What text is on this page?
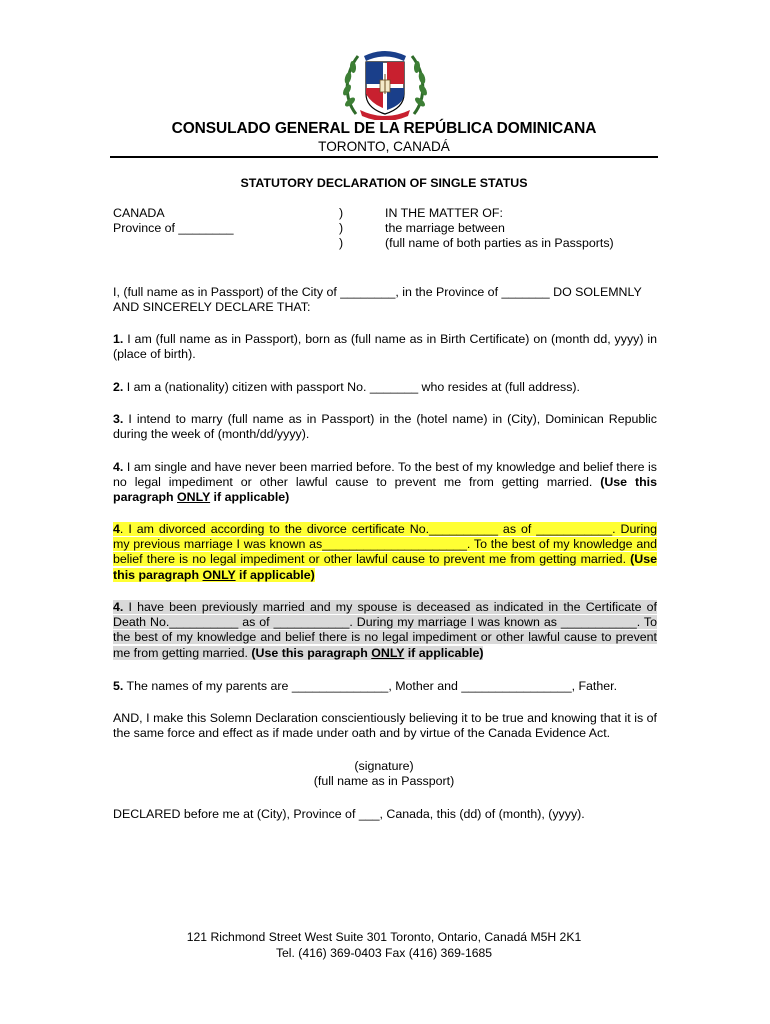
CONSULADO GENERAL DE LA REPÚBLICA DOMINICANA
TORONTO, CANADÁ
STATUTORY DECLARATION OF SINGLE STATUS
CANADA
Province of ________
)
)
)
IN THE MATTER OF:
the marriage between
(full name of both parties as in Passports)
I, (full name as in Passport) of the City of ________, in the Province of _______ DO SOLEMNLY
AND SINCERELY DECLARE THAT:
1. I am (full name as in Passport), born as (full name as in Birth Certificate) on (month dd, yyyy) in (place of birth).
2. I am a (nationality) citizen with passport No. _______ who resides at (full address).
3. I intend to marry (full name as in Passport) in the (hotel name) in (City), Dominican Republic during the week of (month/dd/yyyy).
4. I am single and have never been married before. To the best of my knowledge and belief there is no legal impediment or other lawful cause to prevent me from getting married. (Use this paragraph ONLY if applicable)
4. I am divorced according to the divorce certificate No.__________ as of ___________. During my previous marriage I was known as_____________________. To the best of my knowledge and belief there is no legal impediment or other lawful cause to prevent me from getting married. (Use this paragraph ONLY if applicable)
4. I have been previously married and my spouse is deceased as indicated in the Certificate of Death No.__________ as of ___________. During my marriage I was known as ___________. To the best of my knowledge and belief there is no legal impediment or other lawful cause to prevent me from getting married. (Use this paragraph ONLY if applicable)
5. The names of my parents are ______________, Mother and ________________, Father.
AND, I make this Solemn Declaration conscientiously believing it to be true and knowing that it is of the same force and effect as if made under oath and by virtue of the Canada Evidence Act.
(signature)
(full name as in Passport)
DECLARED before me at (City), Province of ___, Canada, this (dd) of (month), (yyyy).
121 Richmond Street West Suite 301 Toronto, Ontario, Canadá M5H 2K1
Tel. (416) 369-0403 Fax (416) 369-1685
